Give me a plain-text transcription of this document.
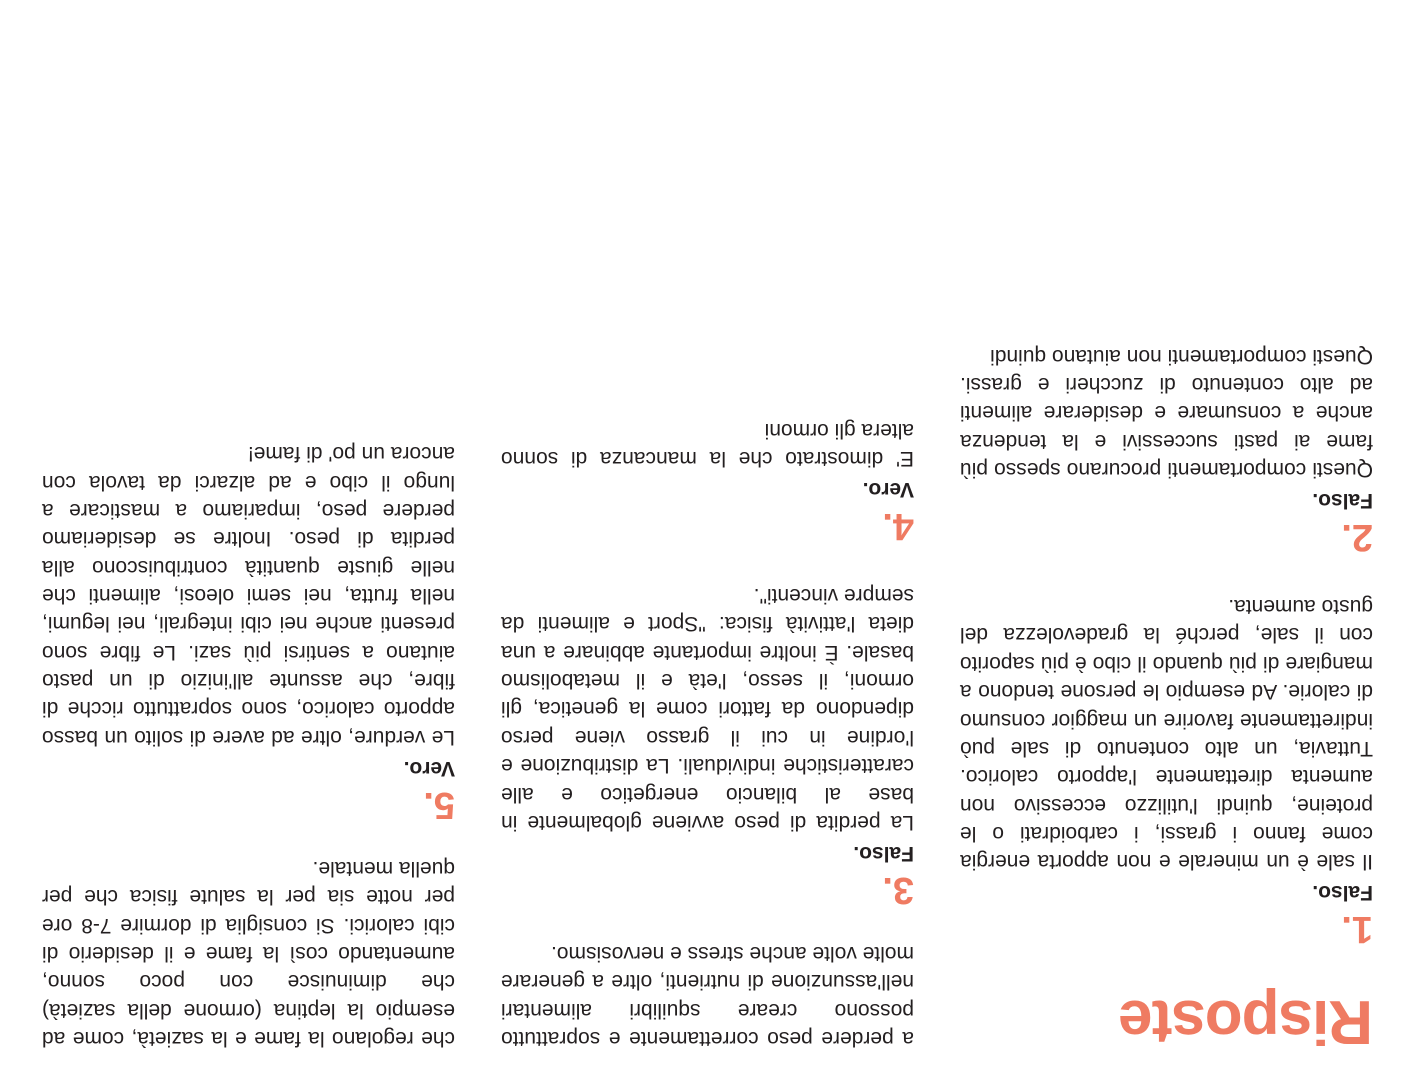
Risposte
1.
Falso.

Il sale è un minerale e non apporta energia come fanno i grassi, i carboidrati o le proteine, quindi l'utilizzo eccessivo non aumenta direttamente l'apporto calorico. Tuttavia, un alto contenuto di sale può indirettamente favorire un maggior consumo di calorie. Ad esempio le persone tendono a mangiare di più quando il cibo è più saporito con il sale, perché la gradevolezza del gusto aumenta.

2.
Falso.

Questi comportamenti procurano spesso più fame ai pasti successivi e la tendenza anche a consumare e desiderare alimenti ad alto contenuto di zuccheri e grassi. Questi comportamenti non aiutano quindi

a perdere peso correttamente e soprattutto possono creare squilibri alimentari nell'assunzione di nutrienti, oltre a generare molte volte anche stress e nervosismo.

3.
Falso.

La perdita di peso avviene globalmente in base al bilancio energetico e alle caratteristiche individuali. La distribuzione e l'ordine in cui il grasso viene perso dipendono da fattori come la genetica, gli ormoni, il sesso, l'età e il metabolismo basale. È inoltre importante abbinare a una dieta l'attività fisica: "Sport e alimenti da sempre vincenti".

4.
Vero.

E' dimostrato che la mancanza di sonno altera gli ormoni

che regolano la fame e la sazietà, come ad esempio la leptina (ormone della sazietà) che diminuisce con poco sonno, aumentando così la fame e il desiderio di cibi calorici. Si consiglia di dormire 7-8 ore per notte sia per la salute fisica che per quella mentale.

5.
Vero.

Le verdure, oltre ad avere di solito un basso apporto calorico, sono soprattutto ricche di fibre, che assunte all'inizio di un pasto aiutano a sentirsi più sazi. Le fibre sono presenti anche nei cibi integrali, nei legumi, nella frutta, nei semi oleosi, alimenti che nelle giuste quantità contribuiscono alla perdita di peso. Inoltre se desideriamo perdere peso, impariamo a masticare a lungo il cibo e ad alzarci da tavola con ancora un po' di fame!
